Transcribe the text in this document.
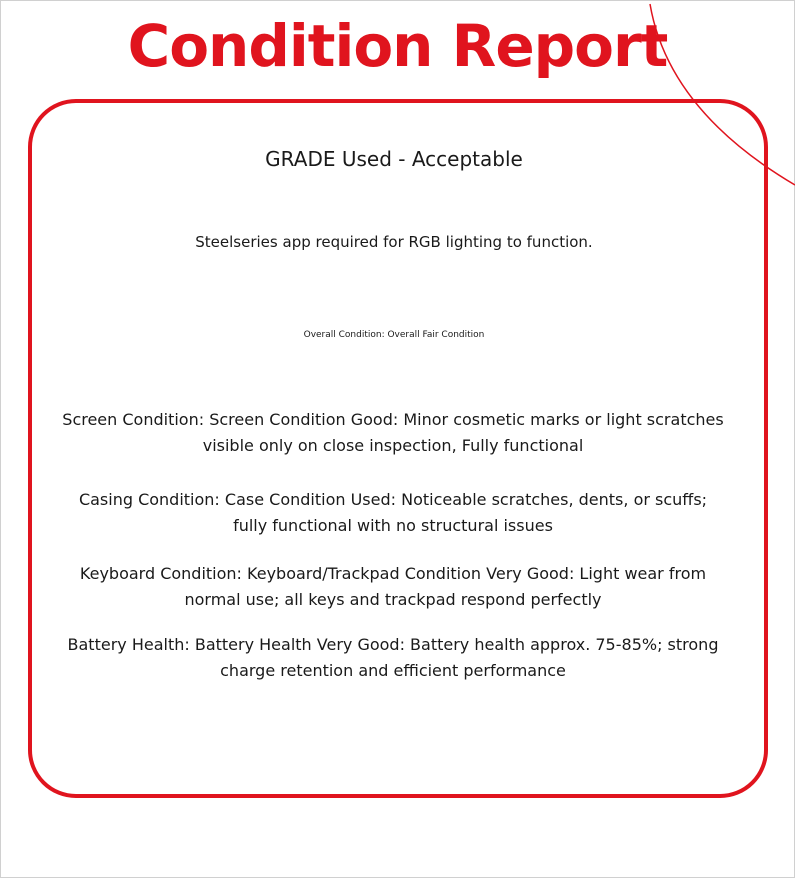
Condition Report
GRADE Used - Acceptable
Steelseries app required for RGB lighting to function.
Overall Condition: Overall Fair Condition
Screen Condition: Screen Condition Good: Minor cosmetic marks or light scratches visible only on close inspection, Fully functional
Casing Condition: Case Condition Used: Noticeable scratches, dents, or scuffs; fully functional with no structural issues
Keyboard Condition: Keyboard/Trackpad Condition Very Good: Light wear from normal use; all keys and trackpad respond perfectly
Battery Health: Battery Health Very Good: Battery health approx. 75-85%; strong charge retention and efficient performance
